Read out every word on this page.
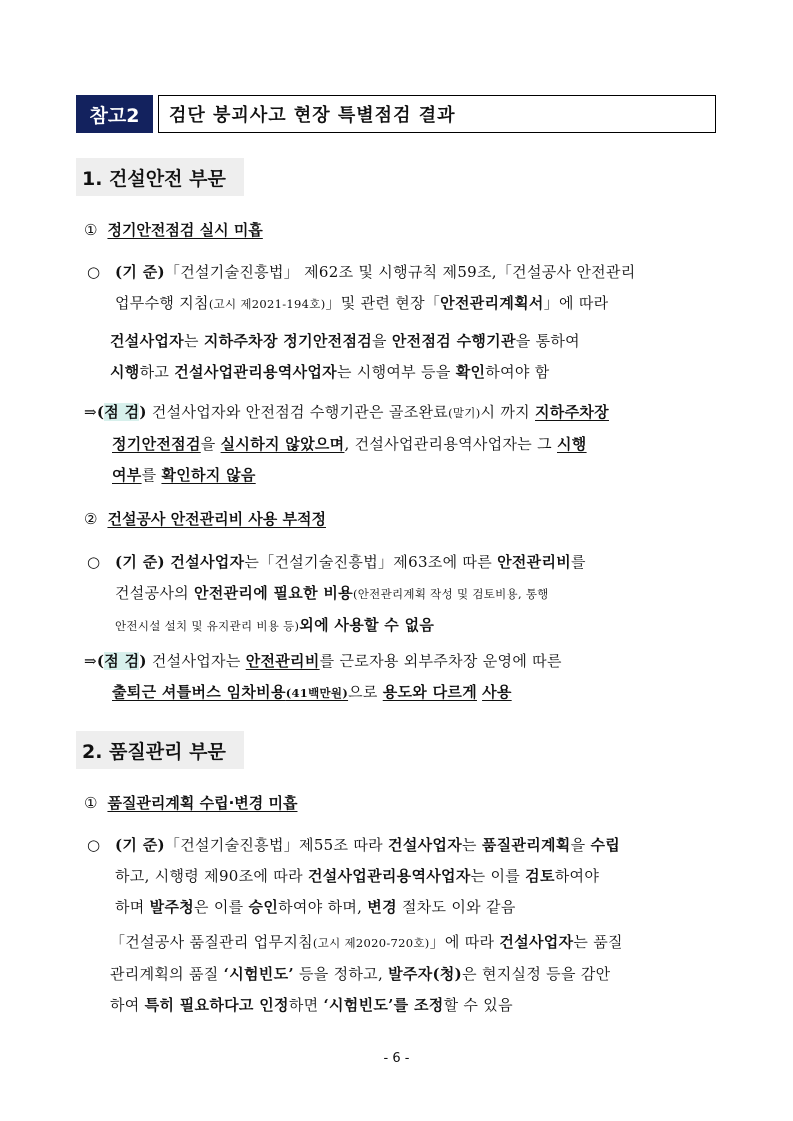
참고2	검단 붕괴사고 현장 특별점검 결과
1. 건설안전 부문
① 정기안전점검 실시 미흡
○ (기 준)「건설기술진흥법」 제62조 및 시행규칙 제59조,「건설공사 안전관리
업무수행 지침(고시 제2021-194호)」및 관련 현장「안전관리계획서」에 따라
건설사업자는 지하주차장 정기안전점검을 안전점검 수행기관을 통하여
시행하고 건설사업관리용역사업자는 시행여부 등을 확인하여야 함
⇒(점 검) 건설사업자와 안전점검 수행기관은 골조완료(말기)시 까지 지하주차장
정기안전점검을 실시하지 않았으며, 건설사업관리용역사업자는 그 시행
여부를 확인하지 않음
② 건설공사 안전관리비 사용 부적정
○ (기 준) 건설사업자는「건설기술진흥법」제63조에 따른 안전관리비를
건설공사의 안전관리에 필요한 비용(안전관리계획 작성 및 검토비용, 통행
안전시설 설치 및 유지관리 비용 등)외에 사용할 수 없음
⇒(점 검) 건설사업자는 안전관리비를 근로자용 외부주차장 운영에 따른
출퇴근 셔틀버스 임차비용(41백만원)으로 용도와 다르게 사용
2. 품질관리 부문
① 품질관리계획 수립·변경 미흡
○ (기 준)「건설기술진흥법」제55조 따라 건설사업자는 품질관리계획을 수립
하고, 시행령 제90조에 따라 건설사업관리용역사업자는 이를 검토하여야
하며 발주청은 이를 승인하여야 하며, 변경 절차도 이와 같음
「건설공사 품질관리 업무지침(고시 제2020-720호)」에 따라 건설사업자는 품질
관리계획의 품질 ‘시험빈도’ 등을 정하고, 발주자(청)은 현지실정 등을 감안
하여 특히 필요하다고 인정하면 ‘시험빈도’를 조정할 수 있음
- 6 -
